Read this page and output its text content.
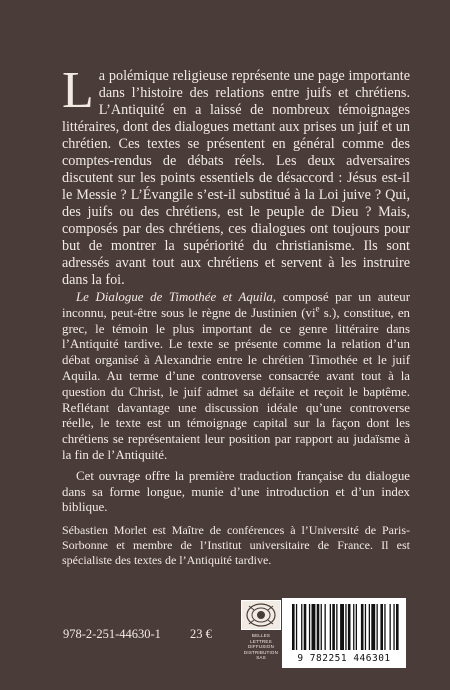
La polémique religieuse représente une page importante dans l’histoire des relations entre juifs et chrétiens. L’Antiquité en a laissé de nombreux témoignages littéraires, dont des dialogues mettant aux prises un juif et un chrétien. Ces textes se présentent en général comme des comptes-rendus de débats réels. Les deux adversaires discutent sur les points essentiels de désaccord : Jésus est-il le Messie ? L’Évangile s’est-il substitué à la Loi juive ? Qui, des juifs ou des chrétiens, est le peuple de Dieu ? Mais, composés par des chrétiens, ces dialogues ont toujours pour but de montrer la supériorité du christianisme. Ils sont adressés avant tout aux chrétiens et servent à les instruire dans la foi.

Le Dialogue de Timothée et Aquila, composé par un auteur inconnu, peut-être sous le règne de Justinien ($vi^e$ s.), constitue, en grec, le témoin le plus important de ce genre littéraire dans l’Antiquité tardive. Le texte se présente comme la relation d’un débat organisé à Alexandrie entre le chrétien Timothée et le juif Aquila. Au terme d’une controverse consacrée avant tout à la question du Christ, le juif admet sa défaite et reçoit le baptême. Reflétant davantage une discussion idéale qu’une controverse réelle, le texte est un témoignage capital sur la façon dont les chrétiens se représentaient leur position par rapport au judaïsme à la fin de l’Antiquité.

Cet ouvrage offre la première traduction française du dialogue dans sa forme longue, munie d’une introduction et d’un index biblique.

Sébastien Morlet est Maître de conférences à l’Université de Paris-Sorbonne et membre de l’Institut universitaire de France. Il est spécialiste des textes de l’Antiquité tardive.

978-2-251-44630-1 23 €	BELLES LETTRES DIFFUSION DISTRIBUTION SAS	9 782251 446301
